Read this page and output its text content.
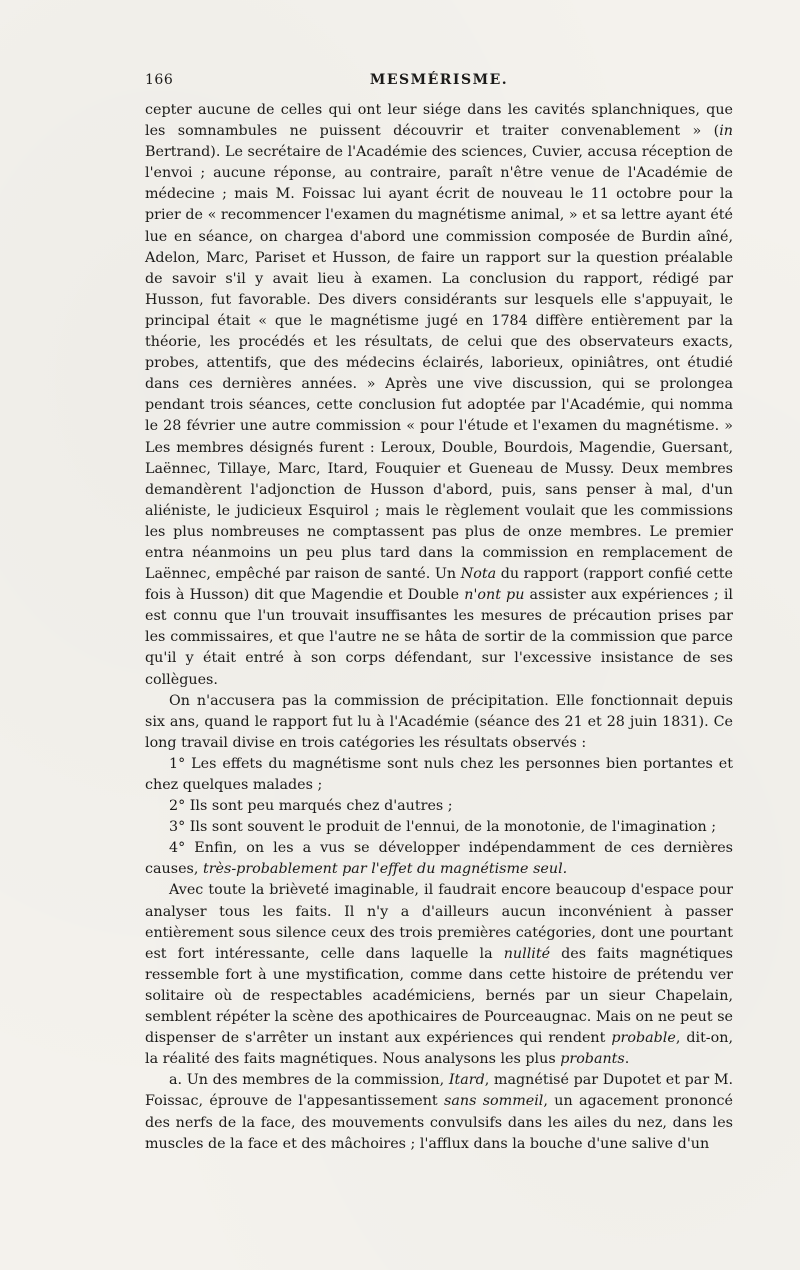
166	MESMÉRISME.

cepter aucune de celles qui ont leur siége dans les cavités splanchniques, que les somnambules ne puissent découvrir et traiter convenablement » (in Bertrand). Le secrétaire de l'Académie des sciences, Cuvier, accusa réception de l'envoi ; aucune réponse, au contraire, paraît n'être venue de l'Académie de médecine ; mais M. Foissac lui ayant écrit de nouveau le 11 octobre pour la prier de « recommencer l'examen du magnétisme animal, » et sa lettre ayant été lue en séance, on chargea d'abord une commission composée de Burdin aîné, Adelon, Marc, Pariset et Husson, de faire un rapport sur la question préalable de savoir s'il y avait lieu à examen. La conclusion du rapport, rédigé par Husson, fut favorable. Des divers considérants sur lesquels elle s'appuyait, le principal était « que le magnétisme jugé en 1784 diffère entièrement par la théorie, les procédés et les résultats, de celui que des observateurs exacts, probes, attentifs, que des médecins éclairés, laborieux, opiniâtres, ont étudié dans ces dernières années. » Après une vive discussion, qui se prolongea pendant trois séances, cette conclusion fut adoptée par l'Académie, qui nomma le 28 février une autre commission « pour l'étude et l'examen du magnétisme. » Les membres désignés furent : Leroux, Double, Bourdois, Magendie, Guersant, Laënnec, Tillaye, Marc, Itard, Fouquier et Gueneau de Mussy. Deux membres demandèrent l'adjonction de Husson d'abord, puis, sans penser à mal, d'un aliéniste, le judicieux Esquirol ; mais le règlement voulait que les commissions les plus nombreuses ne comptassent pas plus de onze membres. Le premier entra néanmoins un peu plus tard dans la commission en remplacement de Laënnec, empêché par raison de santé. Un Nota du rapport (rapport confié cette fois à Husson) dit que Magendie et Double n'ont pu assister aux expériences ; il est connu que l'un trouvait insuffisantes les mesures de précaution prises par les commissaires, et que l'autre ne se hâta de sortir de la commission que parce qu'il y était entré à son corps défendant, sur l'excessive insistance de ses collègues.

On n'accusera pas la commission de précipitation. Elle fonctionnait depuis six ans, quand le rapport fut lu à l'Académie (séance des 21 et 28 juin 1831). Ce long travail divise en trois catégories les résultats observés :

1° Les effets du magnétisme sont nuls chez les personnes bien portantes et chez quelques malades ;

2° Ils sont peu marqués chez d'autres ;

3° Ils sont souvent le produit de l'ennui, de la monotonie, de l'imagination ;

4° Enfin, on les a vus se développer indépendamment de ces dernières causes, très-probablement par l'effet du magnétisme seul.

Avec toute la brièveté imaginable, il faudrait encore beaucoup d'espace pour analyser tous les faits. Il n'y a d'ailleurs aucun inconvénient à passer entièrement sous silence ceux des trois premières catégories, dont une pourtant est fort intéressante, celle dans laquelle la nullité des faits magnétiques ressemble fort à une mystification, comme dans cette histoire de prétendu ver solitaire où de respectables académiciens, bernés par un sieur Chapelain, semblent répéter la scène des apothicaires de Pourceaugnac. Mais on ne peut se dispenser de s'arrêter un instant aux expériences qui rendent probable, dit-on, la réalité des faits magnétiques. Nous analysons les plus probants.

a. Un des membres de la commission, Itard, magnétisé par Dupotet et par M. Foissac, éprouve de l'appesantissement sans sommeil, un agacement prononcé des nerfs de la face, des mouvements convulsifs dans les ailes du nez, dans les muscles de la face et des mâchoires ; l'afflux dans la bouche d'une salive d'un
